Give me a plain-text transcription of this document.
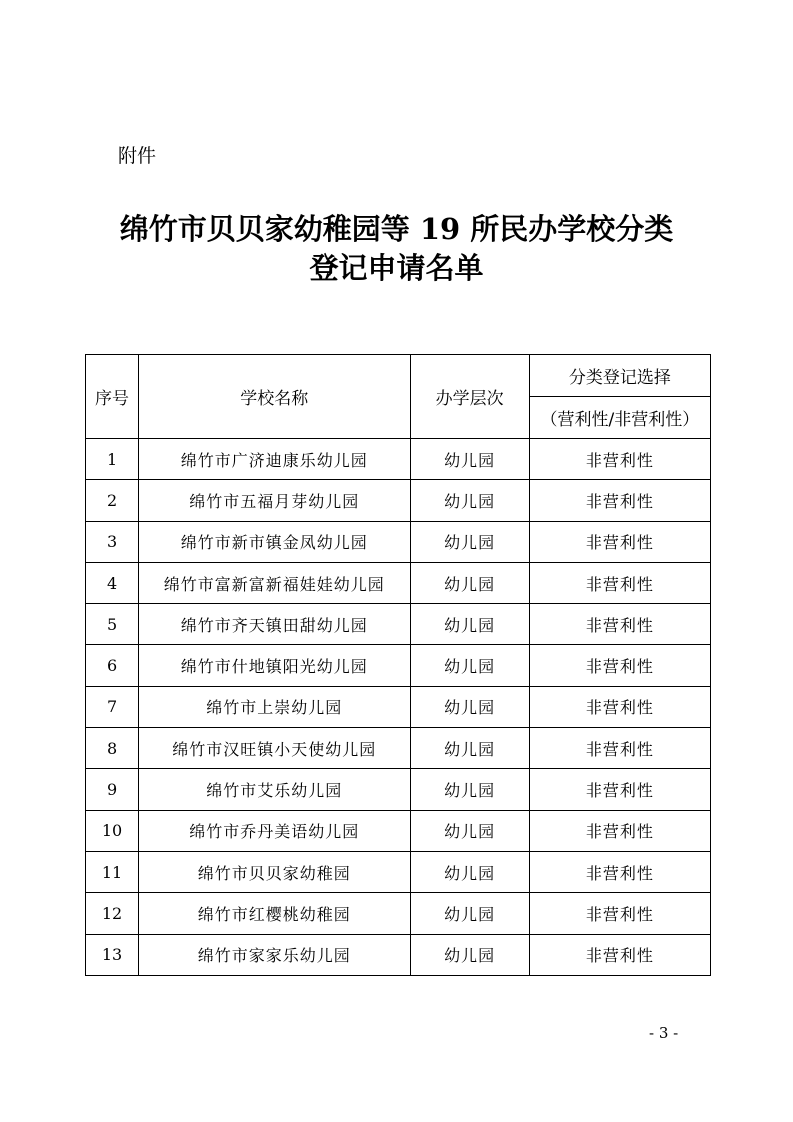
附件
绵竹市贝贝家幼稚园等 19 所民办学校分类
登记申请名单
序号	学校名称	办学层次	分类登记选择
			（营利性/非营利性）
1	绵竹市广济迪康乐幼儿园	幼儿园	非营利性
2	绵竹市五福月芽幼儿园	幼儿园	非营利性
3	绵竹市新市镇金凤幼儿园	幼儿园	非营利性
4	绵竹市富新富新福娃娃幼儿园	幼儿园	非营利性
5	绵竹市齐天镇田甜幼儿园	幼儿园	非营利性
6	绵竹市什地镇阳光幼儿园	幼儿园	非营利性
7	绵竹市上崇幼儿园	幼儿园	非营利性
8	绵竹市汉旺镇小天使幼儿园	幼儿园	非营利性
9	绵竹市艾乐幼儿园	幼儿园	非营利性
10	绵竹市乔丹美语幼儿园	幼儿园	非营利性
11	绵竹市贝贝家幼稚园	幼儿园	非营利性
12	绵竹市红樱桃幼稚园	幼儿园	非营利性
13	绵竹市家家乐幼儿园	幼儿园	非营利性
- 3 -
